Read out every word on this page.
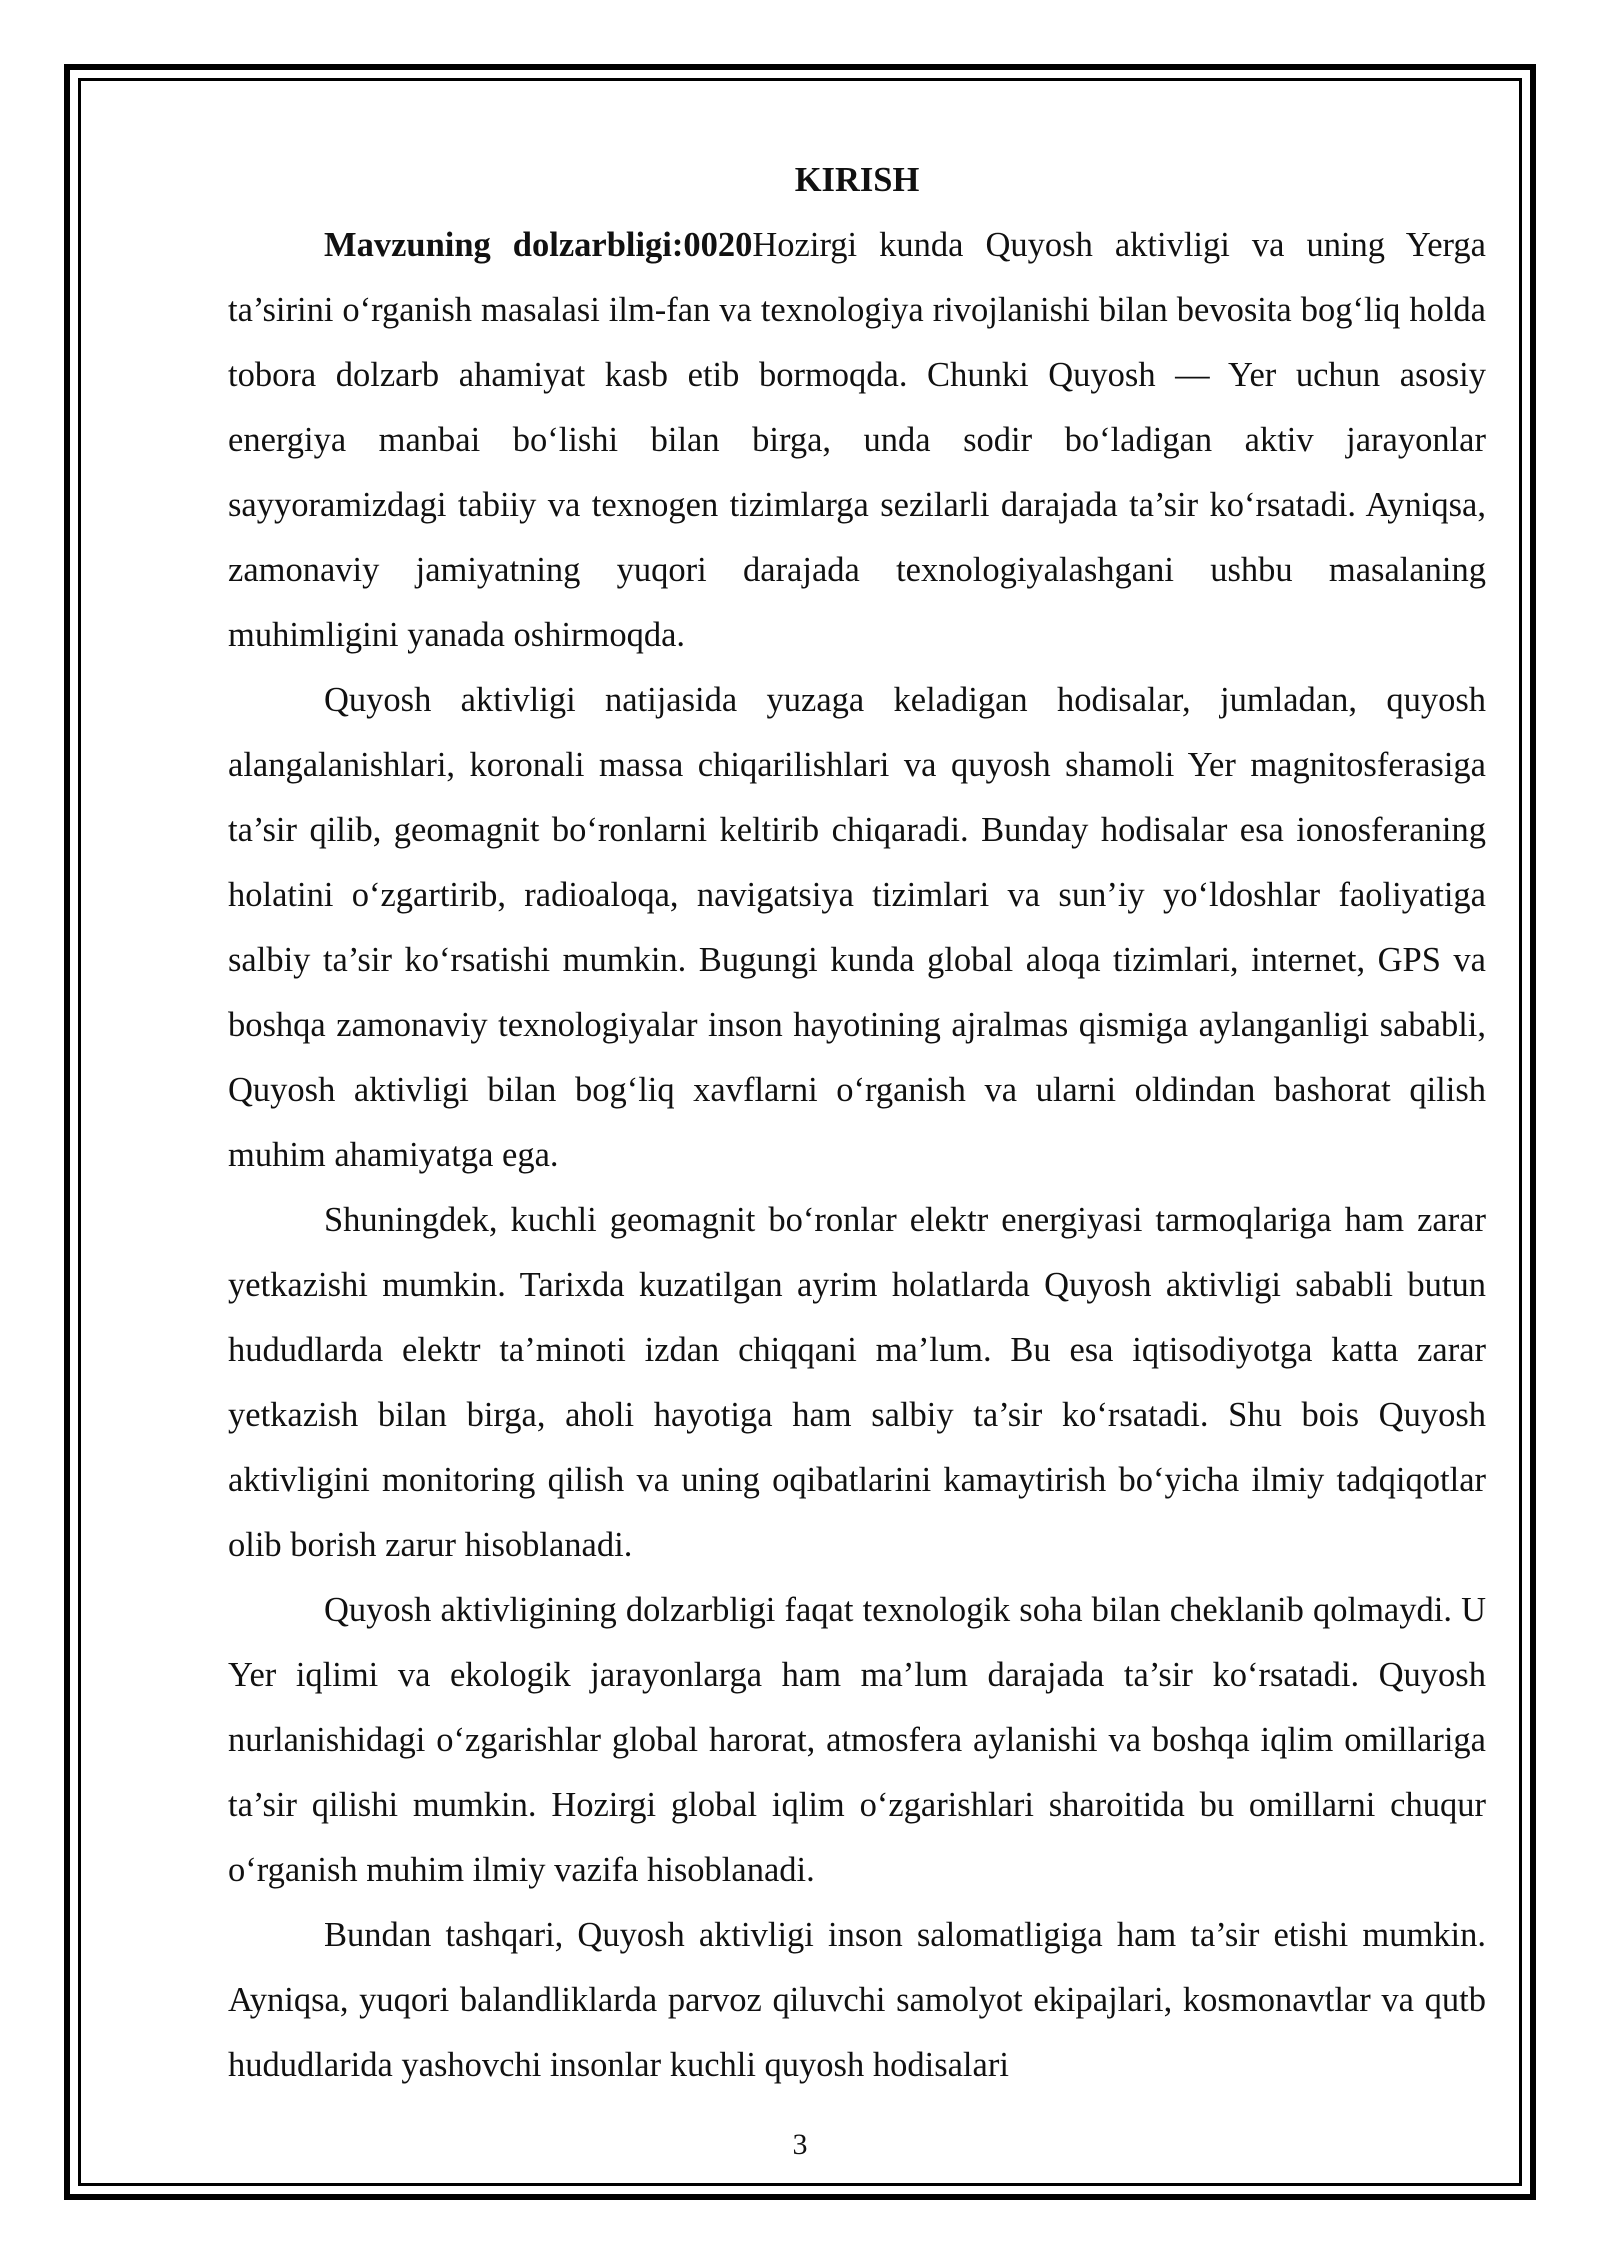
KIRISH

Mavzuning dolzarbligi:0020Hozirgi kunda Quyosh aktivligi va uning Yerga ta’sirini o‘rganish masalasi ilm-fan va texnologiya rivojlanishi bilan bevosita bog‘liq holda tobora dolzarb ahamiyat kasb etib bormoqda. Chunki Quyosh — Yer uchun asosiy energiya manbai bo‘lishi bilan birga, unda sodir bo‘ladigan aktiv jarayonlar sayyoramizdagi tabiiy va texnogen tizimlarga sezilarli darajada ta’sir ko‘rsatadi. Ayniqsa, zamonaviy jamiyatning yuqori darajada texnologiyalashgani ushbu masalaning muhimligini yanada oshirmoqda.

Quyosh aktivligi natijasida yuzaga keladigan hodisalar, jumladan, quyosh alangalanishlari, koronali massa chiqarilishlari va quyosh shamoli Yer magnitosferasiga ta’sir qilib, geomagnit bo‘ronlarni keltirib chiqaradi. Bunday hodisalar esa ionosferaning holatini o‘zgartirib, radioaloqa, navigatsiya tizimlari va sun’iy yo‘ldoshlar faoliyatiga salbiy ta’sir ko‘rsatishi mumkin. Bugungi kunda global aloqa tizimlari, internet, GPS va boshqa zamonaviy texnologiyalar inson hayotining ajralmas qismiga aylanganligi sababli, Quyosh aktivligi bilan bog‘liq xavflarni o‘rganish va ularni oldindan bashorat qilish muhim ahamiyatga ega.

Shuningdek, kuchli geomagnit bo‘ronlar elektr energiyasi tarmoqlariga ham zarar yetkazishi mumkin. Tarixda kuzatilgan ayrim holatlarda Quyosh aktivligi sababli butun hududlarda elektr ta’minoti izdan chiqqani ma’lum. Bu esa iqtisodiyotga katta zarar yetkazish bilan birga, aholi hayotiga ham salbiy ta’sir ko‘rsatadi. Shu bois Quyosh aktivligini monitoring qilish va uning oqibatlarini kamaytirish bo‘yicha ilmiy tadqiqotlar olib borish zarur hisoblanadi.

Quyosh aktivligining dolzarbligi faqat texnologik soha bilan cheklanib qolmaydi. U Yer iqlimi va ekologik jarayonlarga ham ma’lum darajada ta’sir ko‘rsatadi. Quyosh nurlanishidagi o‘zgarishlar global harorat, atmosfera aylanishi va boshqa iqlim omillariga ta’sir qilishi mumkin. Hozirgi global iqlim o‘zgarishlari sharoitida bu omillarni chuqur o‘rganish muhim ilmiy vazifa hisoblanadi.

Bundan tashqari, Quyosh aktivligi inson salomatligiga ham ta’sir etishi mumkin. Ayniqsa, yuqori balandliklarda parvoz qiluvchi samolyot ekipajlari, kosmonavtlar va qutb hududlarida yashovchi insonlar kuchli quyosh hodisalari

3
